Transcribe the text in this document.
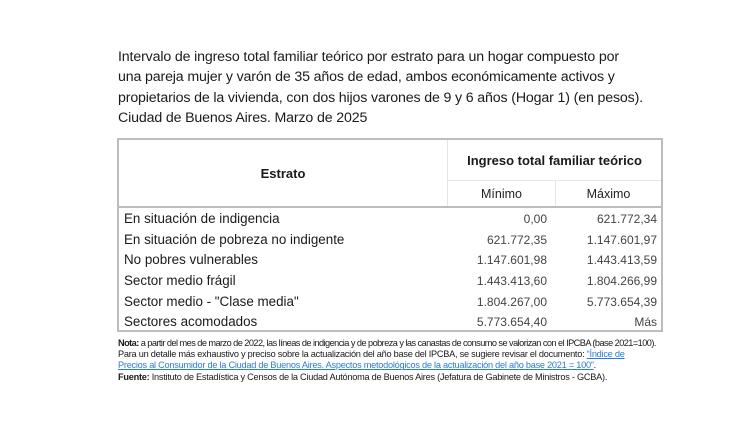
Intervalo de ingreso total familiar teórico por estrato para un hogar compuesto por
una pareja mujer y varón de 35 años de edad, ambos económicamente activos y
propietarios de la vivienda, con dos hijos varones de 9 y 6 años (Hogar 1) (en pesos).
Ciudad de Buenos Aires. Marzo de 2025
Estrato
Ingreso total familiar teórico
Mínimo	Máximo
En situación de indigencia	0,00	621.772,34
En situación de pobreza no indigente	621.772,35	1.147.601,97
No pobres vulnerables	1.147.601,98	1.443.413,59
Sector medio frágil	1.443.413,60	1.804.266,99
Sector medio - "Clase media"	1.804.267,00	5.773.654,39
Sectores acomodados	5.773.654,40	Más
Nota: a partir del mes de marzo de 2022, las líneas de indigencia y de pobreza y las canastas de consumo se valorizan con el IPCBA (base 2021=100).
Para un detalle más exhaustivo y preciso sobre la actualización del año base del IPCBA, se sugiere revisar el documento: “Índice de
Precios al Consumidor de la Ciudad de Buenos Aires. Aspectos metodológicos de la actualización del año base 2021 = 100”.
Fuente: Instituto de Estadística y Censos de la Ciudad Autónoma de Buenos Aires (Jefatura de Gabinete de Ministros - GCBA).
